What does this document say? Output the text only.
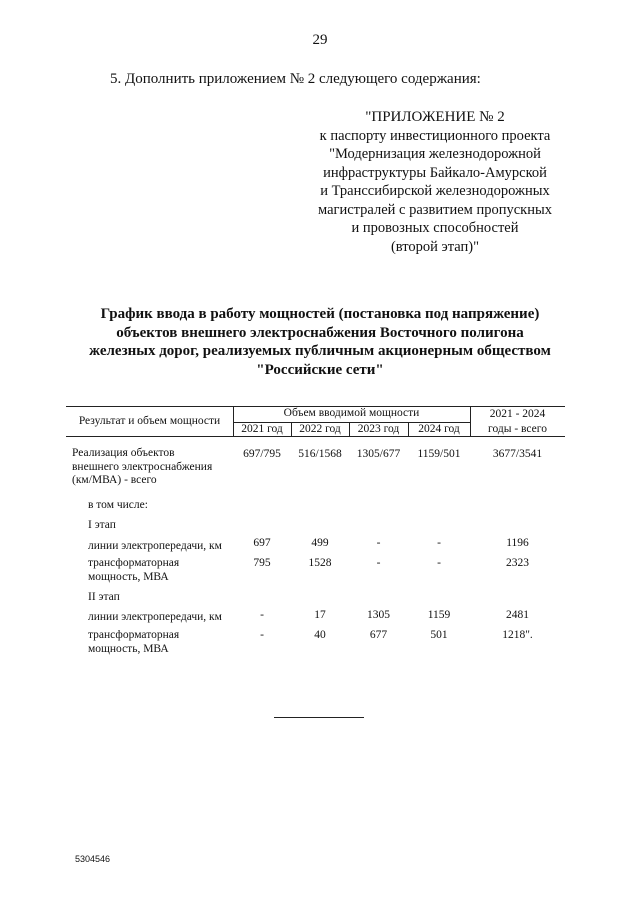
29
5. Дополнить приложением № 2 следующего содержания:
"ПРИЛОЖЕНИЕ № 2
к паспорту инвестиционного проекта
"Модернизация железнодорожной
инфраструктуры Байкало-Амурской
и Транссибирской железнодорожных
магистралей с развитием пропускных
и провозных способностей
(второй этап)"
График ввода в работу мощностей (постановка под напряжение)
объектов внешнего электроснабжения Восточного полигона
железных дорог, реализуемых публичным акционерным обществом
"Российские сети"
Результат и объем мощности
Объем вводимой мощности
2021 год	2022 год	2023 год	2024 год
2021 - 2024
годы - всего
Реализация объектов внешнего электроснабжения (км/МВА) - всего
697/795	516/1568	1305/677	1159/501	3677/3541
в том числе:
I этап
линии электропередачи, км	697	499	-	-	1196
трансформаторная мощность, МВА
795	1528	-	-	2323
II этап
линии электропередачи, км	-	17	1305	1159	2481
трансформаторная мощность, МВА
-	40	677	501	1218".
5304546
